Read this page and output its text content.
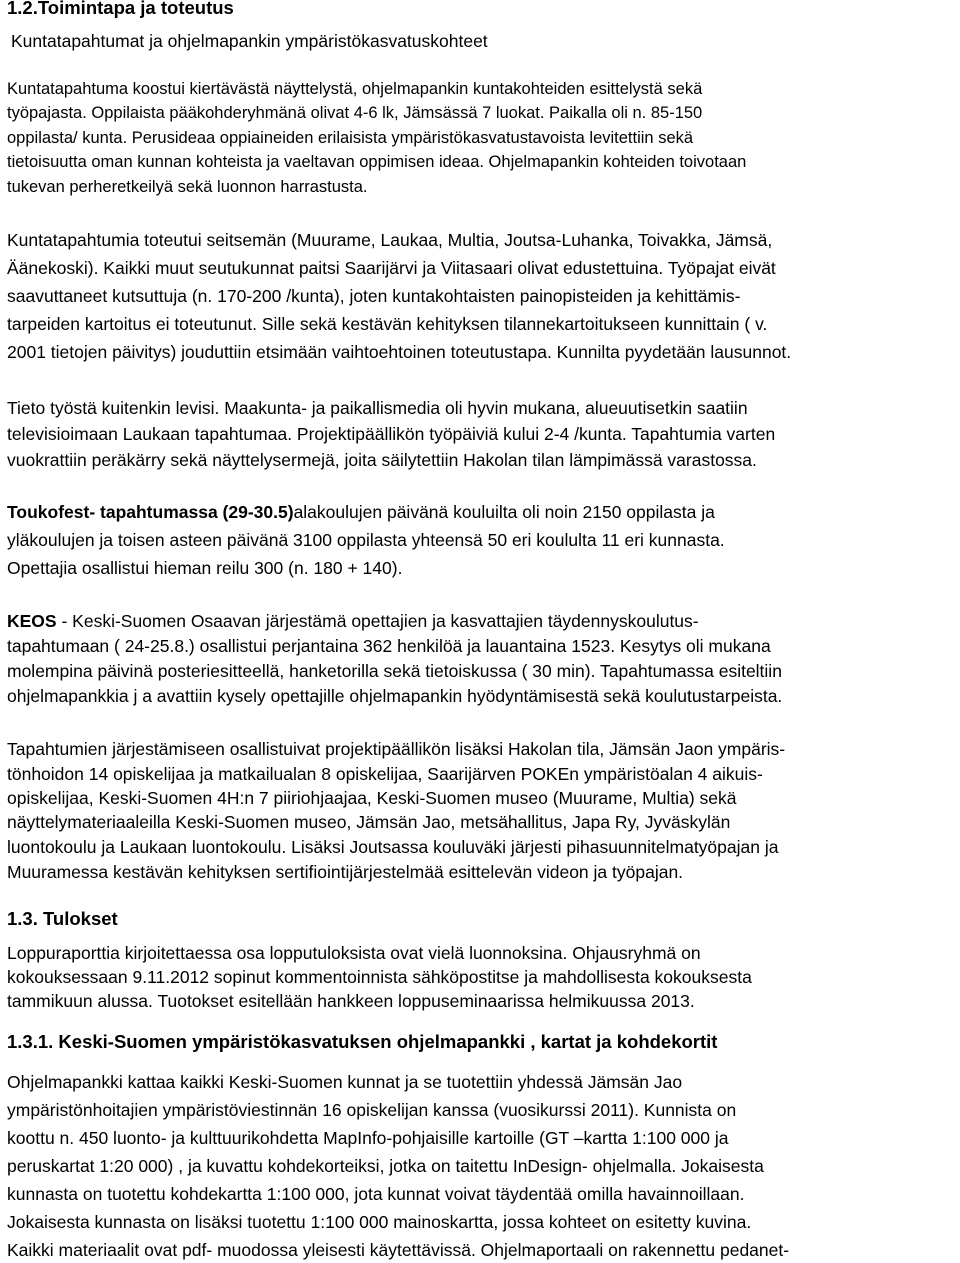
1.2.Toimintapa ja toteutus
Kuntatapahtumat ja ohjelmapankin ympäristökasvatuskohteet
Kuntatapahtuma koostui kiertävästä näyttelystä, ohjelmapankin kuntakohteiden esittelystä sekä
työpajasta. Oppilaista pääkohderyhmänä olivat 4-6 lk, Jämsässä 7 luokat. Paikalla oli n. 85-150
oppilasta/ kunta. Perusideaa oppiaineiden erilaisista ympäristökasvatustavoista levitettiin sekä
tietoisuutta oman kunnan kohteista ja vaeltavan oppimisen ideaa. Ohjelmapankin kohteiden toivotaan
tukevan perheretkeilyä sekä luonnon harrastusta.
Kuntatapahtumia toteutui seitsemän (Muurame, Laukaa, Multia, Joutsa-Luhanka, Toivakka, Jämsä,
Äänekoski). Kaikki muut seutukunnat paitsi Saarijärvi ja Viitasaari olivat edustettuina. Työpajat eivät
saavuttaneet kutsuttuja (n. 170-200 /kunta), joten kuntakohtaisten painopisteiden ja kehittämis-
tarpeiden kartoitus ei toteutunut. Sille sekä kestävän kehityksen tilannekartoitukseen kunnittain ( v.
2001 tietojen päivitys) jouduttiin etsimään vaihtoehtoinen toteutustapa. Kunnilta pyydetään lausunnot.
Tieto työstä kuitenkin levisi. Maakunta- ja paikallismedia oli hyvin mukana, alueuutisetkin saatiin
televisioimaan Laukaan tapahtumaa. Projektipäällikön työpäiviä kului 2-4 /kunta. Tapahtumia varten
vuokrattiin peräkärry sekä näyttelysermejä, joita säilytettiin Hakolan tilan lämpimässä varastossa.
Toukofest- tapahtumassa (29-30.5)alakoulujen päivänä kouluilta oli noin 2150 oppilasta ja
yläkoulujen ja toisen asteen päivänä 3100 oppilasta yhteensä 50 eri koululta 11 eri kunnasta.
Opettajia osallistui hieman reilu 300 (n. 180 + 140).
KEOS - Keski-Suomen Osaavan järjestämä opettajien ja kasvattajien täydennyskoulutus-
tapahtumaan ( 24-25.8.) osallistui perjantaina 362 henkilöä ja lauantaina 1523. Kesytys oli mukana
molempina päivinä posteriesitteellä, hanketorilla sekä tietoiskussa ( 30 min). Tapahtumassa esiteltiin
ohjelmapankkia j a avattiin kysely opettajille ohjelmapankin hyödyntämisestä sekä koulutustarpeista.
Tapahtumien järjestämiseen osallistuivat projektipäällikön lisäksi Hakolan tila, Jämsän Jaon ympäris-
tönhoidon 14 opiskelijaa ja matkailualan 8 opiskelijaa, Saarijärven POKEn ympäristöalan 4 aikuis-
opiskelijaa, Keski-Suomen 4H:n 7 piiriohjaajaa, Keski-Suomen museo (Muurame, Multia) sekä
näyttelymateriaaleilla Keski-Suomen museo, Jämsän Jao, metsähallitus, Japa Ry, Jyväskylän
luontokoulu ja Laukaan luontokoulu. Lisäksi Joutsassa kouluväki järjesti pihasuunnitelmatyöpajan ja
Muuramessa kestävän kehityksen sertifiointijärjestelmää esittelevän videon ja työpajan.
1.3. Tulokset
Loppuraporttia kirjoitettaessa osa lopputuloksista ovat vielä luonnoksina. Ohjausryhmä on
kokouksessaan 9.11.2012 sopinut kommentoinnista sähköpostitse ja mahdollisesta kokouksesta
tammikuun alussa. Tuotokset esitellään hankkeen loppuseminaarissa helmikuussa 2013.
1.3.1. Keski-Suomen ympäristökasvatuksen ohjelmapankki , kartat ja kohdekortit
Ohjelmapankki kattaa kaikki Keski-Suomen kunnat ja se tuotettiin yhdessä Jämsän Jao
ympäristönhoitajien ympäristöviestinnän 16 opiskelijan kanssa (vuosikurssi 2011). Kunnista on
koottu n. 450 luonto- ja kulttuurikohdetta MapInfo-pohjaisille kartoille (GT –kartta 1:100 000 ja
peruskartat 1:20 000) , ja kuvattu kohdekorteiksi, jotka on taitettu InDesign- ohjelmalla. Jokaisesta
kunnasta on tuotettu kohdekartta 1:100 000, jota kunnat voivat täydentää omilla havainnoillaan.
Jokaisesta kunnasta on lisäksi tuotettu 1:100 000 mainoskartta, jossa kohteet on esitetty kuvina.
Kaikki materiaalit ovat pdf- muodossa yleisesti käytettävissä. Ohjelmaportaali on rakennettu pedanet-
